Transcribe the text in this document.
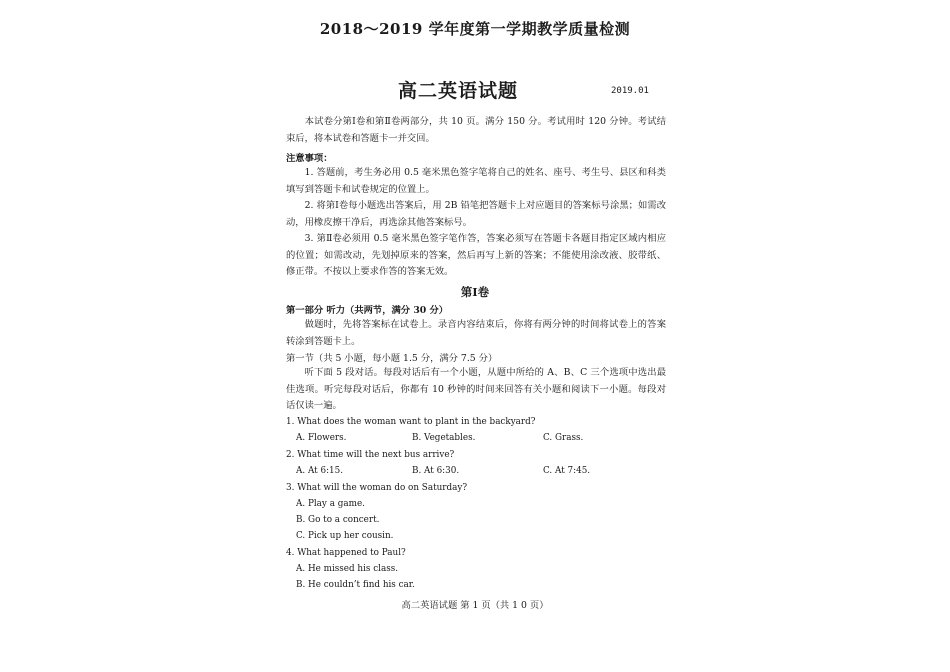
2018～2019 学年度第一学期教学质量检测
高二英语试题	2019.01
本试卷分第Ⅰ卷和第Ⅱ卷两部分，共 10 页。满分 150 分。考试用时 120 分钟。考试结束后，将本试卷和答题卡一并交回。
注意事项：
1. 答题前，考生务必用 0.5 毫米黑色签字笔将自己的姓名、座号、考生号、县区和科类填写到答题卡和试卷规定的位置上。
2. 将第Ⅰ卷每小题选出答案后，用 2B 铅笔把答题卡上对应题目的答案标号涂黑；如需改动，用橡皮擦干净后，再选涂其他答案标号。
3. 第Ⅱ卷必须用 0.5 毫米黑色签字笔作答，答案必须写在答题卡各题目指定区域内相应的位置；如需改动，先划掉原来的答案，然后再写上新的答案；不能使用涂改液、胶带纸、修正带。不按以上要求作答的答案无效。
第Ⅰ卷
第一部分 听力（共两节，满分 30 分）
做题时，先将答案标在试卷上。录音内容结束后，你将有两分钟的时间将试卷上的答案转涂到答题卡上。
第一节（共 5 小题，每小题 1.5 分，满分 7.5 分）
听下面 5 段对话。每段对话后有一个小题，从题中所给的 A、B、C 三个选项中选出最佳选项。听完每段对话后，你都有 10 秒钟的时间来回答有关小题和阅读下一小题。每段对话仅读一遍。
1. What does the woman want to plant in the backyard?
A. Flowers.	B. Vegetables.	C. Grass.
2. What time will the next bus arrive?
A. At 6:15.	B. At 6:30.	C. At 7:45.
3. What will the woman do on Saturday?
A. Play a game.
B. Go to a concert.
C. Pick up her cousin.
4. What happened to Paul?
A. He missed his class.
B. He couldn’t find his car.
高二英语试题 第 1 页（共 1 0 页）
